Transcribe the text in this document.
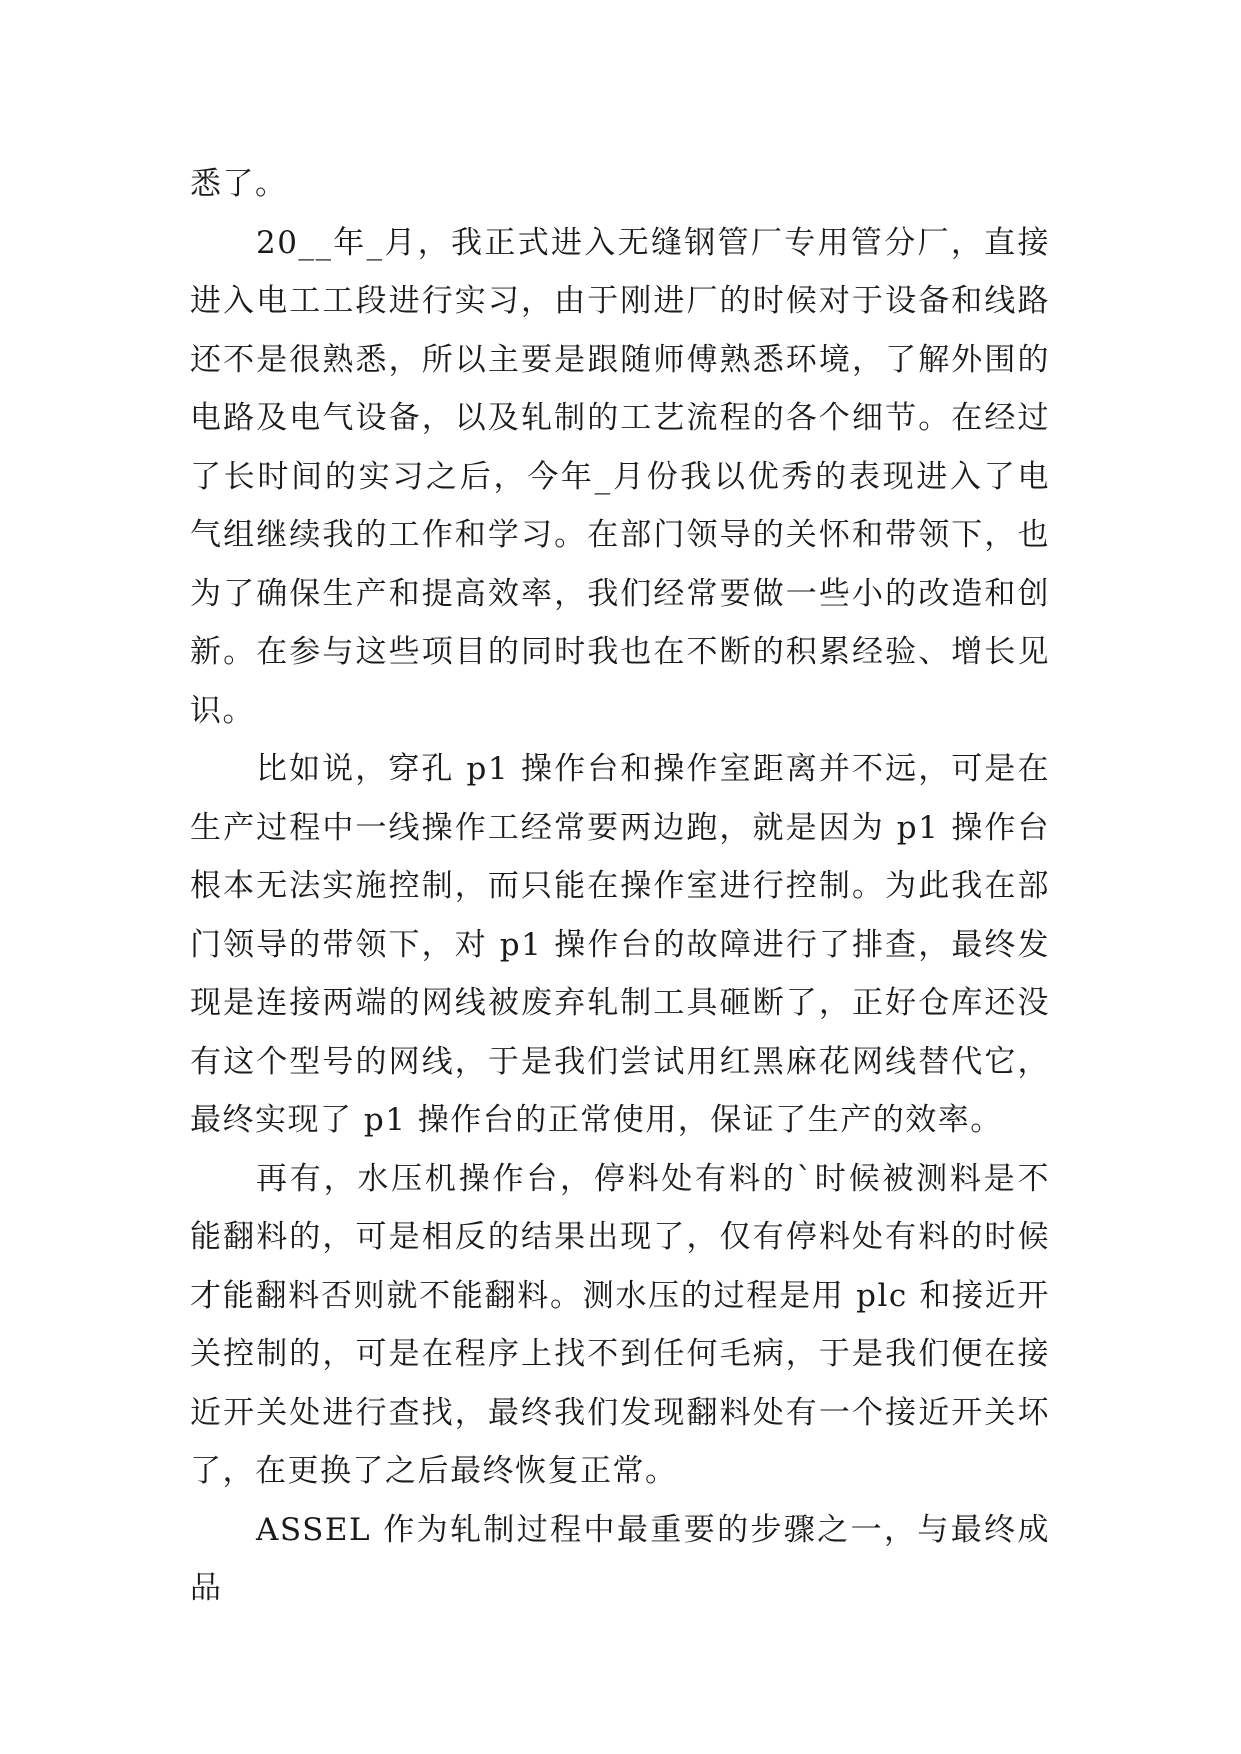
悉了。

20__年_月，我正式进入无缝钢管厂专用管分厂，直接进入电工工段进行实习，由于刚进厂的时候对于设备和线路还不是很熟悉，所以主要是跟随师傅熟悉环境，了解外围的电路及电气设备，以及轧制的工艺流程的各个细节。在经过了长时间的实习之后，今年_月份我以优秀的表现进入了电气组继续我的工作和学习。在部门领导的关怀和带领下，也为了确保生产和提高效率，我们经常要做一些小的改造和创新。在参与这些项目的同时我也在不断的积累经验、增长见识。

比如说，穿孔 p1 操作台和操作室距离并不远，可是在生产过程中一线操作工经常要两边跑，就是因为 p1 操作台根本无法实施控制，而只能在操作室进行控制。为此我在部门领导的带领下，对 p1 操作台的故障进行了排查，最终发现是连接两端的网线被废弃轧制工具砸断了，正好仓库还没有这个型号的网线，于是我们尝试用红黑麻花网线替代它，最终实现了 p1 操作台的正常使用，保证了生产的效率。

再有，水压机操作台，停料处有料的`时候被测料是不能翻料的，可是相反的结果出现了，仅有停料处有料的时候才能翻料否则就不能翻料。测水压的过程是用 plc 和接近开关控制的，可是在程序上找不到任何毛病，于是我们便在接近开关处进行查找，最终我们发现翻料处有一个接近开关坏了，在更换了之后最终恢复正常。

ASSEL 作为轧制过程中最重要的步骤之一，与最终成品
